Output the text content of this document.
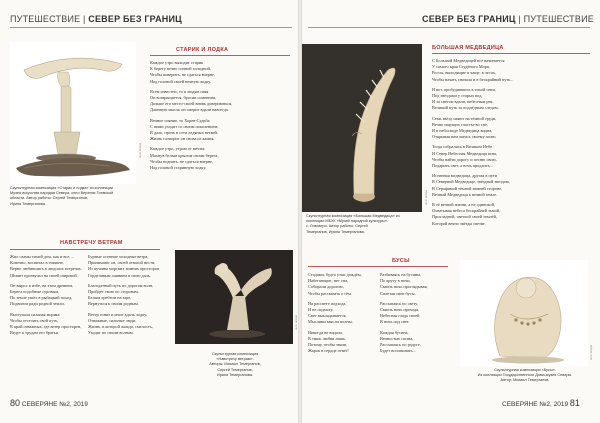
ПУТЕШЕСТВИЕ | СЕВЕР БЕЗ ГРАНИЦ	СЕВЕР БЕЗ ГРАНИЦ | ПУТЕШЕСТВИЕ
фото автора
Скульптурная композиция «Старик и лодка» из коллекции
Музея искусства народов Севера, село Верхняя Тоемской
области. Автор работы: Сергей Темерганов,
Ирина Темерганова.
СТАРИК И ЛОДКА
Каждое утро выходит старик
К берегу вечно сонной холодной,
Чтобы поверить, не сдаться вчерне,
Над головой своей вечную лодку.
Всем известно, то к людям сияя
Он возвращается, бросив сомнения,
Дальше его место-своей вновь довериваться,
Длинную мысль он смерит вдали навсегда.
Вечное сияние, то Хорев-Судьба
С ними уходит со своим поколением,
В даль, прочь в сети ледяных ветвей,
Жизнь сотворит он снова из камня.
Каждое утро, утром от мечты:
Махнув белым крылом своим берега,
Чтобы поднять, не сдаться вчерне,
Над головой старинную лодку.
НАВСТРЕЧУ ВЕТРАМ
Жил саамы тихий дом, как и все, –
Конечно, воспитал в тишине,
Верно любившись в людских встречах,
Шипит прозвучал на своей широкой.
Он вырос в избе, на этом древнем,
Берега подобные суровым,
По земле ушёл в рыбацкий поход,
Подвигом ради родной земли.
Выступала сильная моряка
Чтобы отстоять свой путь,
В край отважных, где ветер просторен,
Ведут к трудам его братья.
Бурные осенние холодные ветра,
Принимают он, своей отвагой нести,
Из пучины морских зимних просторов
Горделивым сиянием в свою даль.
Благодатный путь по дорогам волн,
Пройдёт свою по сторонам,
Белым хребтом на заре,
Вернуться к своим родным.
Ветер гонит и мчит вдаль лодку,
Отважные, сильные люди,
Жизнь, в которой жажда, смелость,
Уходят по своим волнам.
фото автора
Скульптурная композиция
«Навстречу ветрам».
Авторы: Михаил Темерганов,
Сергей Темерганов,
Ирина Темерганова.
фото автора
Скульптурная композиция «Большая Медведица» из
коллекции МБУК «Музей народной культуры».
с. Ловозеро. Автор работы: Сергей
Темерганов, Ирина Темерганова.
БОЛЬШАЯ МЕДВЕДИЦА
С Большой Медведицей всё начинается
У самого края Студёного Моря.
Россы, выходящие в чаще, в лесах,
Чтобы начать сначала и в бескрайний путь...
И вот, пробудившись в тихой сени,
Под звёздами у старых вод,
И за снегом вдали, небесным рек,
Великий путь за подлёдным следом.
Семь звёзд сияют на тёмной груди,
Вечно ищущих счастье во сне,
И в небосводе Медведица видна,
Открывая нам окна к своему полю.
Тогда собрались в Великом Небе
И Север Небесная Медведица ясна,
Чтобы найти дорогу и песню свою,
Подарить свет, а ночь продлить...
Истинная медведица, другая в пути
В Северной Медведице, звёздной звездою,
В Серафимой тёмной зимней стороне,
Вечный Медведица к вечной земле.
В её вечной жизни, а не одинокой,
Охватывая небеса бескрайней тьмой,
Прохладной, светлой своей землёй,
Которой вечно звёзды светят.
БУСЫ
Стадами, будто утки дождём,
Набегающие, нет сна,
Собирали дорогою,
Чтобы рассказать о сём.
На рассвете подхода,
И не подмогу,
Свет выкладывается,
Мыслями мысли полны.
Никогда не видала,
В тишь любви лишь,
Потому, чтобы знали,
Жарок в сердце ответ!
Разбиваясь на бусины,
По кругу в ночи,
Сквозь ночь проглядывая,
Сплетая свои бусы.
Рассыпаясь по свету,
Сквозь ночь проходя,
Небесная гладь своей
В ночь под свет.
Каждая бусина,
Вечностью полна,
Рассыпаясь по радуге,
Будет вспоминать...	фото автора
Скульптурная композиция «Бусы».
Из коллекции Государственного Дома-музея Северы.
Автор: Михаил Темерганов.
80 СЕВЕРЯНЕ №2, 2019	СЕВЕРЯНЕ №2, 2019 81
